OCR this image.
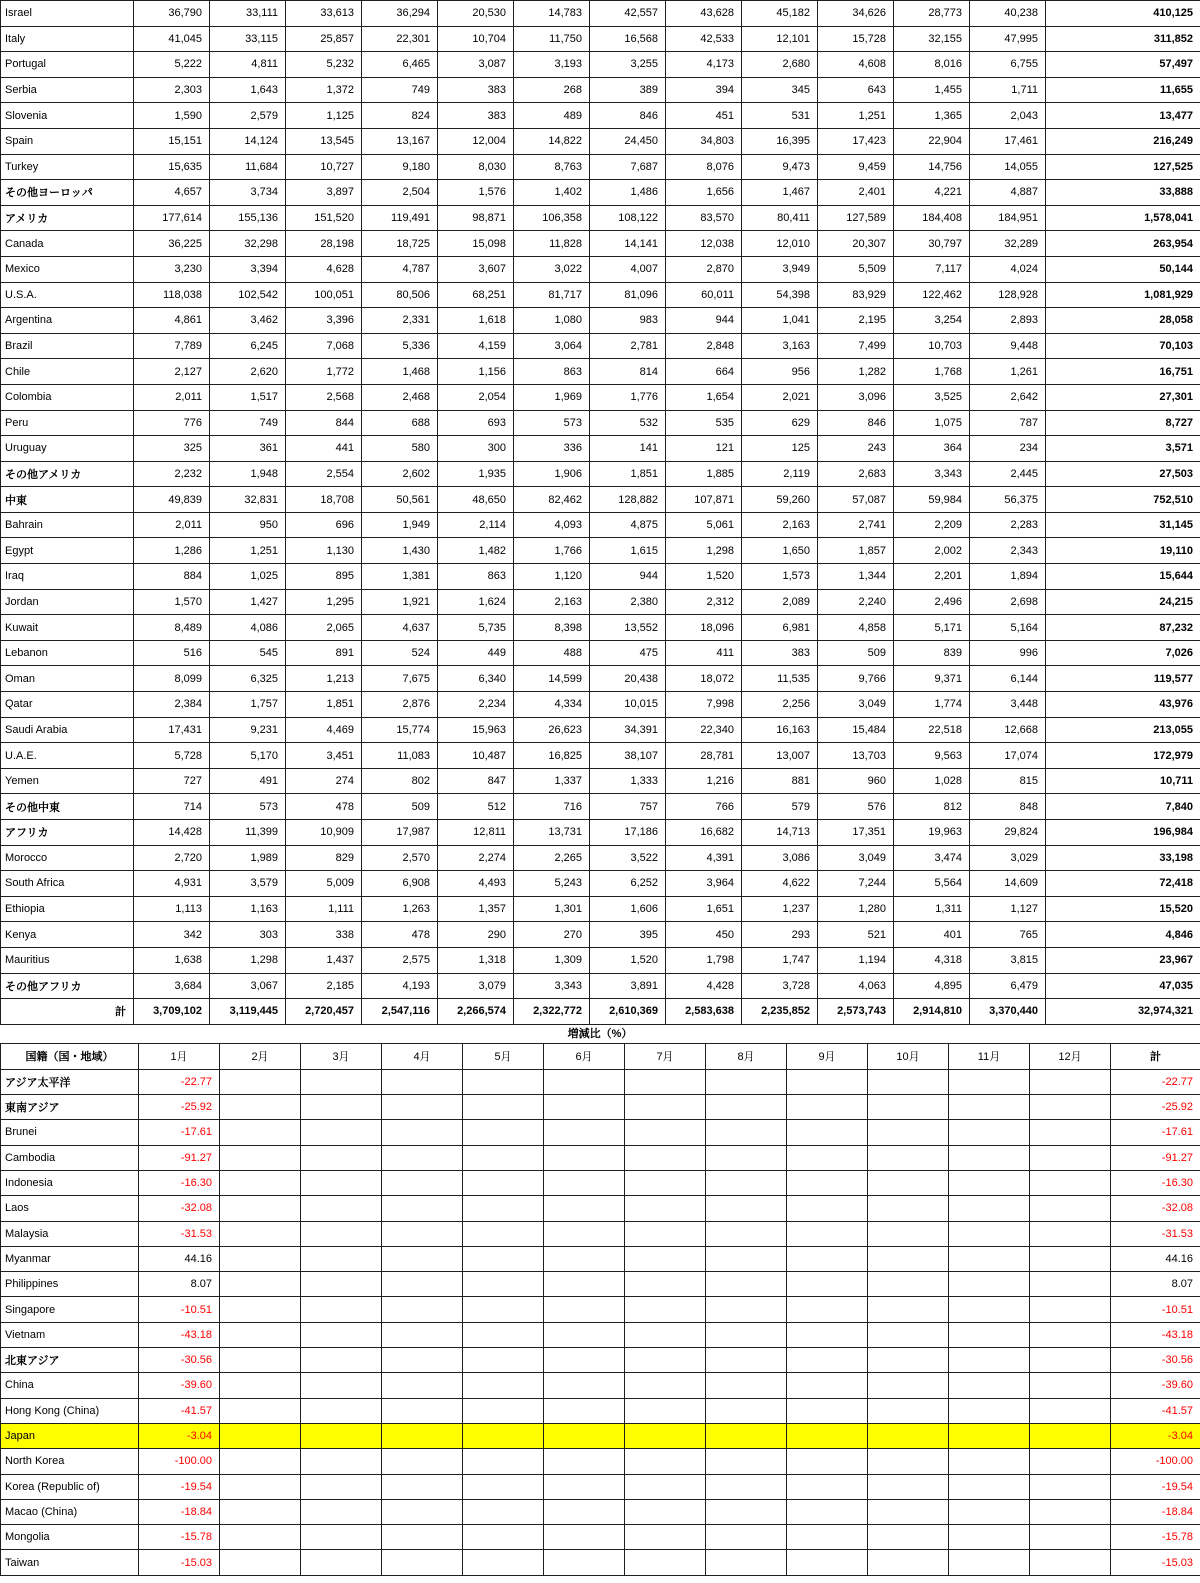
Israel	36,790	33,111	33,613	36,294	20,530	14,783	42,557	43,628	45,182	34,626	28,773	40,238	410,125
Italy	41,045	33,115	25,857	22,301	10,704	11,750	16,568	42,533	12,101	15,728	32,155	47,995	311,852
Portugal	5,222	4,811	5,232	6,465	3,087	3,193	3,255	4,173	2,680	4,608	8,016	6,755	57,497
Serbia	2,303	1,643	1,372	749	383	268	389	394	345	643	1,455	1,711	11,655
Slovenia	1,590	2,579	1,125	824	383	489	846	451	531	1,251	1,365	2,043	13,477
Spain	15,151	14,124	13,545	13,167	12,004	14,822	24,450	34,803	16,395	17,423	22,904	17,461	216,249
Turkey	15,635	11,684	10,727	9,180	8,030	8,763	7,687	8,076	9,473	9,459	14,756	14,055	127,525
その他ヨーロッパ	4,657	3,734	3,897	2,504	1,576	1,402	1,486	1,656	1,467	2,401	4,221	4,887	33,888
アメリカ	177,614	155,136	151,520	119,491	98,871	106,358	108,122	83,570	80,411	127,589	184,408	184,951	1,578,041
Canada	36,225	32,298	28,198	18,725	15,098	11,828	14,141	12,038	12,010	20,307	30,797	32,289	263,954
Mexico	3,230	3,394	4,628	4,787	3,607	3,022	4,007	2,870	3,949	5,509	7,117	4,024	50,144
U.S.A.	118,038	102,542	100,051	80,506	68,251	81,717	81,096	60,011	54,398	83,929	122,462	128,928	1,081,929
Argentina	4,861	3,462	3,396	2,331	1,618	1,080	983	944	1,041	2,195	3,254	2,893	28,058
Brazil	7,789	6,245	7,068	5,336	4,159	3,064	2,781	2,848	3,163	7,499	10,703	9,448	70,103
Chile	2,127	2,620	1,772	1,468	1,156	863	814	664	956	1,282	1,768	1,261	16,751
Colombia	2,011	1,517	2,568	2,468	2,054	1,969	1,776	1,654	2,021	3,096	3,525	2,642	27,301
Peru	776	749	844	688	693	573	532	535	629	846	1,075	787	8,727
Uruguay	325	361	441	580	300	336	141	121	125	243	364	234	3,571
その他アメリカ	2,232	1,948	2,554	2,602	1,935	1,906	1,851	1,885	2,119	2,683	3,343	2,445	27,503
中東	49,839	32,831	18,708	50,561	48,650	82,462	128,882	107,871	59,260	57,087	59,984	56,375	752,510
Bahrain	2,011	950	696	1,949	2,114	4,093	4,875	5,061	2,163	2,741	2,209	2,283	31,145
Egypt	1,286	1,251	1,130	1,430	1,482	1,766	1,615	1,298	1,650	1,857	2,002	2,343	19,110
Iraq	884	1,025	895	1,381	863	1,120	944	1,520	1,573	1,344	2,201	1,894	15,644
Jordan	1,570	1,427	1,295	1,921	1,624	2,163	2,380	2,312	2,089	2,240	2,496	2,698	24,215
Kuwait	8,489	4,086	2,065	4,637	5,735	8,398	13,552	18,096	6,981	4,858	5,171	5,164	87,232
Lebanon	516	545	891	524	449	488	475	411	383	509	839	996	7,026
Oman	8,099	6,325	1,213	7,675	6,340	14,599	20,438	18,072	11,535	9,766	9,371	6,144	119,577
Qatar	2,384	1,757	1,851	2,876	2,234	4,334	10,015	7,998	2,256	3,049	1,774	3,448	43,976
Saudi Arabia	17,431	9,231	4,469	15,774	15,963	26,623	34,391	22,340	16,163	15,484	22,518	12,668	213,055
U.A.E.	5,728	5,170	3,451	11,083	10,487	16,825	38,107	28,781	13,007	13,703	9,563	17,074	172,979
Yemen	727	491	274	802	847	1,337	1,333	1,216	881	960	1,028	815	10,711
その他中東	714	573	478	509	512	716	757	766	579	576	812	848	7,840
アフリカ	14,428	11,399	10,909	17,987	12,811	13,731	17,186	16,682	14,713	17,351	19,963	29,824	196,984
Morocco	2,720	1,989	829	2,570	2,274	2,265	3,522	4,391	3,086	3,049	3,474	3,029	33,198
South Africa	4,931	3,579	5,009	6,908	4,493	5,243	6,252	3,964	4,622	7,244	5,564	14,609	72,418
Ethiopia	1,113	1,163	1,111	1,263	1,357	1,301	1,606	1,651	1,237	1,280	1,311	1,127	15,520
Kenya	342	303	338	478	290	270	395	450	293	521	401	765	4,846
Mauritius	1,638	1,298	1,437	2,575	1,318	1,309	1,520	1,798	1,747	1,194	4,318	3,815	23,967
その他アフリカ	3,684	3,067	2,185	4,193	3,079	3,343	3,891	4,428	3,728	4,063	4,895	6,479	47,035
計	3,709,102	3,119,445	2,720,457	2,547,116	2,266,574	2,322,772	2,610,369	2,583,638	2,235,852	2,573,743	2,914,810	3,370,440	32,974,321
増減比（%）
国籍（国・地域）	1月	2月	3月	4月	5月	6月	7月	8月	9月	10月	11月	12月	計
アジア太平洋	-22.77												-22.77
東南アジア	-25.92												-25.92
Brunei	-17.61												-17.61
Cambodia	-91.27												-91.27
Indonesia	-16.30												-16.30
Laos	-32.08												-32.08
Malaysia	-31.53												-31.53
Myanmar	44.16												44.16
Philippines	8.07												8.07
Singapore	-10.51												-10.51
Vietnam	-43.18												-43.18
北東アジア	-30.56												-30.56
China	-39.60												-39.60
Hong Kong (China)	-41.57												-41.57
Japan	-3.04												-3.04
North Korea	-100.00												-100.00
Korea (Republic of)	-19.54												-19.54
Macao (China)	-18.84												-18.84
Mongolia	-15.78												-15.78
Taiwan	-15.03												-15.03
